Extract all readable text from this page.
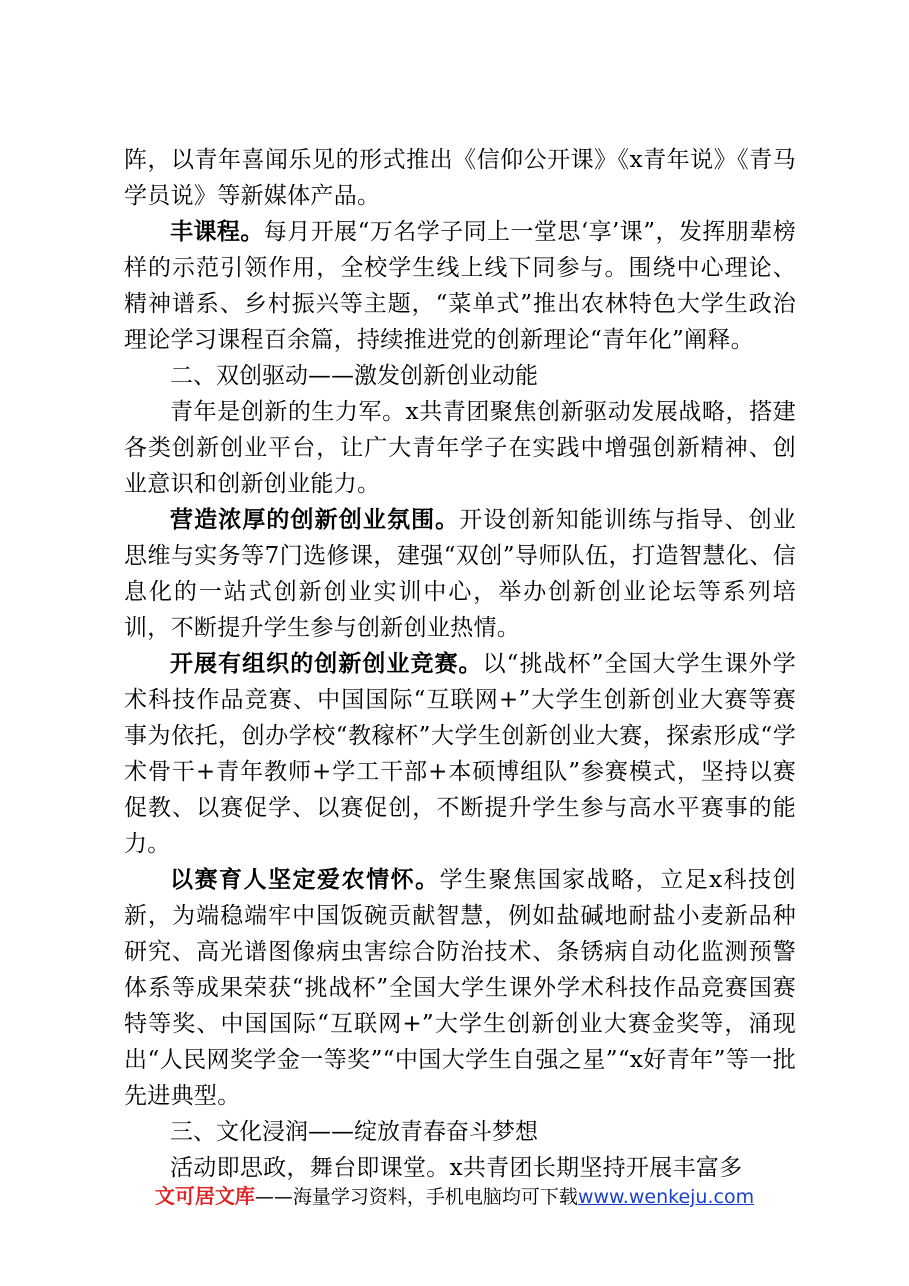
阵，以青年喜闻乐见的形式推出《信仰公开课》《x青年说》《青马学员说》等新媒体产品。

丰课程。每月开展“万名学子同上一堂思‘享’课”，发挥朋辈榜样的示范引领作用，全校学生线上线下同参与。围绕中心理论、精神谱系、乡村振兴等主题，“菜单式”推出农林特色大学生政治理论学习课程百余篇，持续推进党的创新理论“青年化”阐释。

二、双创驱动——激发创新创业动能

青年是创新的生力军。x共青团聚焦创新驱动发展战略，搭建各类创新创业平台，让广大青年学子在实践中增强创新精神、创业意识和创新创业能力。

营造浓厚的创新创业氛围。开设创新知能训练与指导、创业思维与实务等7门选修课，建强“双创”导师队伍，打造智慧化、信息化的一站式创新创业实训中心，举办创新创业论坛等系列培训，不断提升学生参与创新创业热情。

开展有组织的创新创业竞赛。以“挑战杯”全国大学生课外学术科技作品竞赛、中国国际“互联网+”大学生创新创业大赛等赛事为依托，创办学校“教稼杯”大学生创新创业大赛，探索形成“学术骨干+青年教师+学工干部+本硕博组队”参赛模式，坚持以赛促教、以赛促学、以赛促创，不断提升学生参与高水平赛事的能力。

以赛育人坚定爱农情怀。学生聚焦国家战略，立足x科技创新，为端稳端牢中国饭碗贡献智慧，例如盐碱地耐盐小麦新品种研究、高光谱图像病虫害综合防治技术、条锈病自动化监测预警体系等成果荣获“挑战杯”全国大学生课外学术科技作品竞赛国赛特等奖、中国国际“互联网+”大学生创新创业大赛金奖等，涌现出“人民网奖学金一等奖”“中国大学生自强之星”“x好青年”等一批先进典型。

三、文化浸润——绽放青春奋斗梦想

活动即思政，舞台即课堂。x共青团长期坚持开展丰富多

文可居文库——海量学习资料，手机电脑均可下载www.wenkeju.com
